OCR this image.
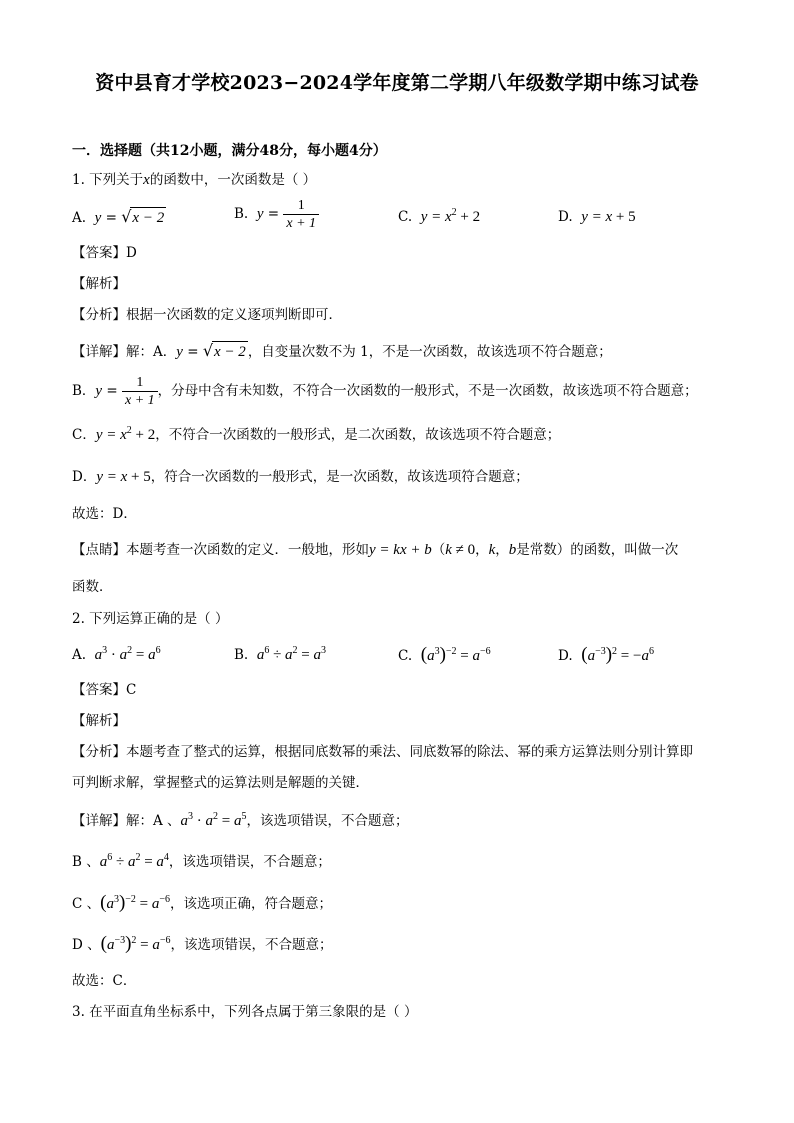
资中县育才学校2023−2024学年度第二学期八年级数学期中练习试卷
一．选择题（共12小题，满分48分，每小题4分）
1. 下列关于x的函数中，一次函数是（ ）
A. y = √x − 2	B. $y = \frac{1}{x + 1}$	C. $y = x^2 + 2$	D. y = x + 5
【答案】D
【解析】
【分析】根据一次函数的定义逐项判断即可．
【详解】解：A．y = √x − 2 ，自变量次数不为 1，不是一次函数，故该选项不符合题意；
B．$y = \frac{1}{x + 1}$ ，分母中含有未知数，不符合一次函数的一般形式，不是一次函数，故该选项不符合题意；
C．$y = x^2 + 2$，不符合一次函数的一般形式，是二次函数，故该选项不符合题意；
D．y = x + 5，符合一次函数的一般形式，是一次函数，故该选项符合题意；
故选：D．
【点睛】本题考查一次函数的定义．一般地，形如y = kx + b（k ≠ 0，k，b是常数）的函数，叫做一次
函数．
2. 下列运算正确的是（ ）
A. $a^3 \cdot a^2 = a^6$	B. $a^6 \div a^2 = a^3$	C. $(a^3)^{-2} = a^{-6}$	D. $(a^{-3})^2 = -a^6$
【答案】C
【解析】
【分析】本题考查了整式的运算，根据同底数幂的乘法、同底数幂的除法、幂的乘方运算法则分别计算即
可判断求解，掌握整式的运算法则是解题的关键．
【详解】解：A 、$a^3 \cdot a^2 = a^5$，该选项错误，不合题意；
B 、$a^6 \div a^2 = a^4$，该选项错误，不合题意；
C 、$(a^3)^{-2} = a^{-6}$，该选项正确，符合题意；
D 、$(a^{-3})^2 = a^{-6}$，该选项错误，不合题意；
故选：C．
3. 在平面直角坐标系中，下列各点属于第三象限的是（ ）
